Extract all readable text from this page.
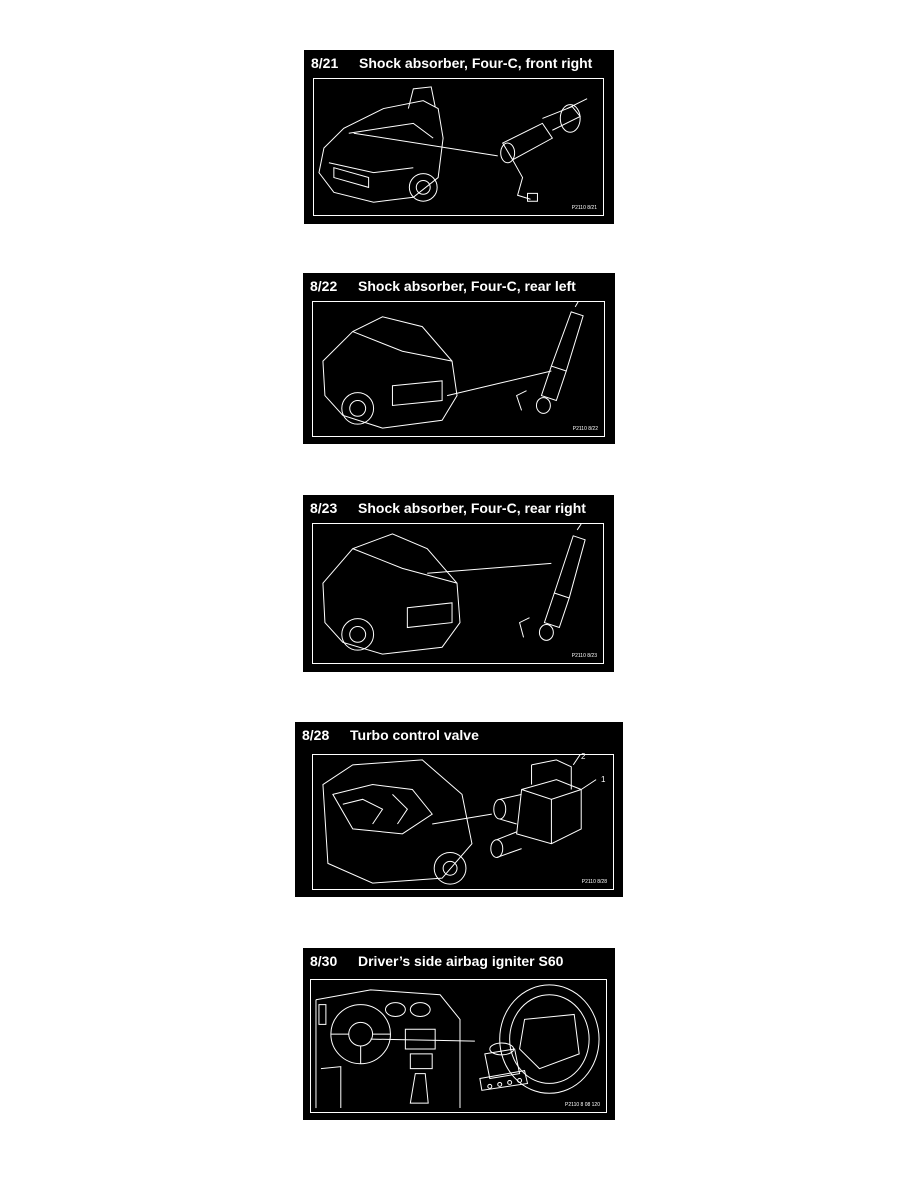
8/21 Shock absorber, Four-C, front right
P2110 8/21
8/22 Shock absorber, Four-C, rear left
P2110 8/22
8/23 Shock absorber, Four-C, rear right
P2110 8/23
8/28 Turbo control valve
2
1
P2110 8/28
8/30 Driver’s side airbag igniter S60
P2110 8 08 120
